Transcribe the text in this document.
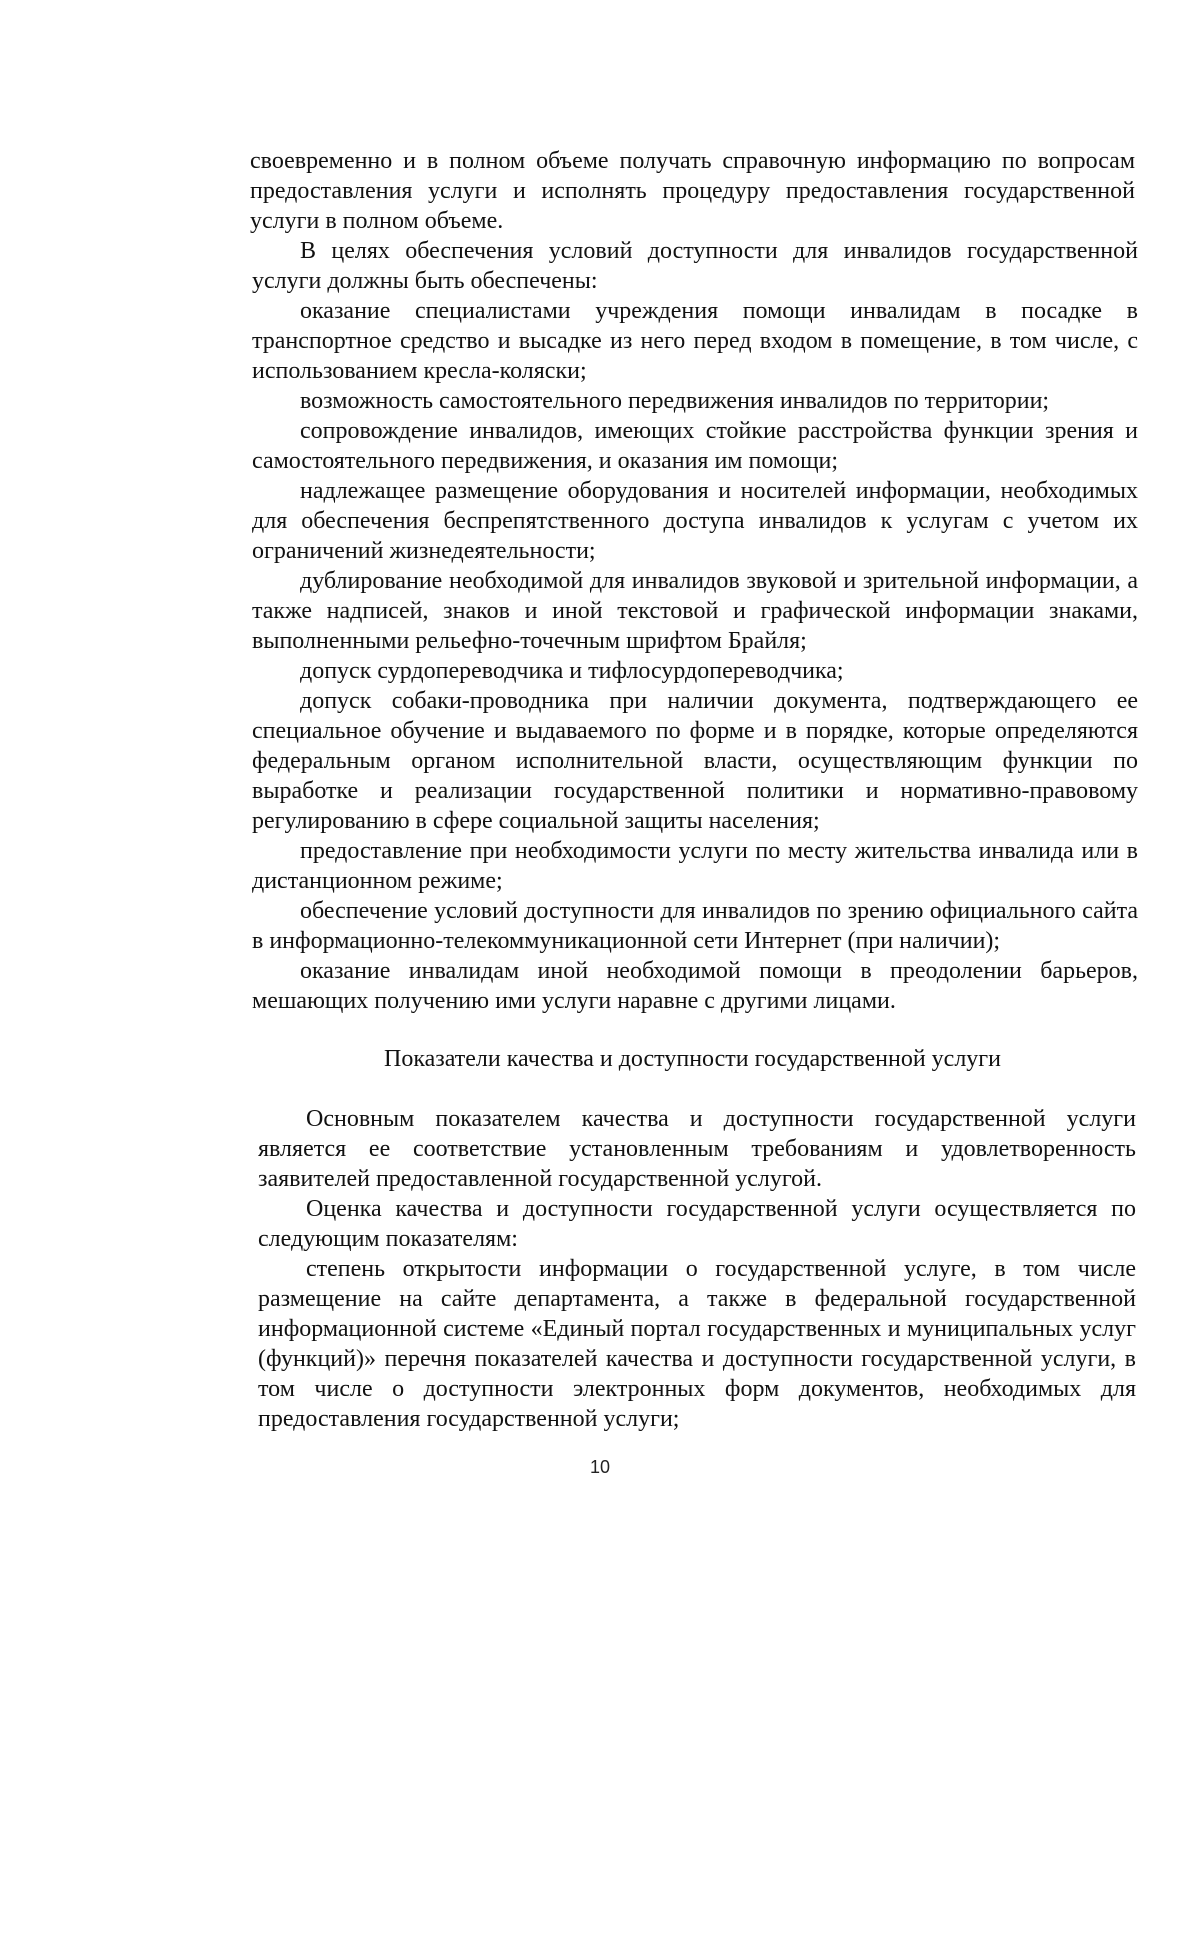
своевременно и в полном объеме получать справочную информацию по вопросам предоставления услуги и исполнять процедуру предоставления государственной услуги в полном объеме.

В целях обеспечения условий доступности для инвалидов государственной услуги должны быть обеспечены:

оказание специалистами учреждения помощи инвалидам в посадке в транспортное средство и высадке из него перед входом в помещение, в том числе, с использованием кресла-коляски;

возможность самостоятельного передвижения инвалидов по территории;

сопровождение инвалидов, имеющих стойкие расстройства функции зрения и самостоятельного передвижения, и оказания им помощи;

надлежащее размещение оборудования и носителей информации, необходимых для обеспечения беспрепятственного доступа инвалидов к услугам с учетом их ограничений жизнедеятельности;

дублирование необходимой для инвалидов звуковой и зрительной информации, а также надписей, знаков и иной текстовой и графической информации знаками, выполненными рельефно-точечным шрифтом Брайля;

допуск сурдопереводчика и тифлосурдопереводчика;

допуск собаки-проводника при наличии документа, подтверждающего ее специальное обучение и выдаваемого по форме и в порядке, которые определяются федеральным органом исполнительной власти, осуществляющим функции по выработке и реализации государственной политики и нормативно-правовому регулированию в сфере социальной защиты населения;

предоставление при необходимости услуги по месту жительства инвалида или в дистанционном режиме;

обеспечение условий доступности для инвалидов по зрению официального сайта в информационно-телекоммуникационной сети Интернет (при наличии);

оказание инвалидам иной необходимой помощи в преодолении барьеров, мешающих получению ими услуги наравне с другими лицами.

Показатели качества и доступности государственной услуги

Основным показателем качества и доступности государственной услуги является ее соответствие установленным требованиям и удовлетворенность заявителей предоставленной государственной услугой.

Оценка качества и доступности государственной услуги осуществляется по следующим показателям:

степень открытости информации о государственной услуге, в том числе размещение на сайте департамента, а также в федеральной государственной информационной системе «Единый портал государственных и муниципальных услуг (функций)» перечня показателей качества и доступности государственной услуги, в том числе о доступности электронных форм документов, необходимых для предоставления государственной услуги;

10
